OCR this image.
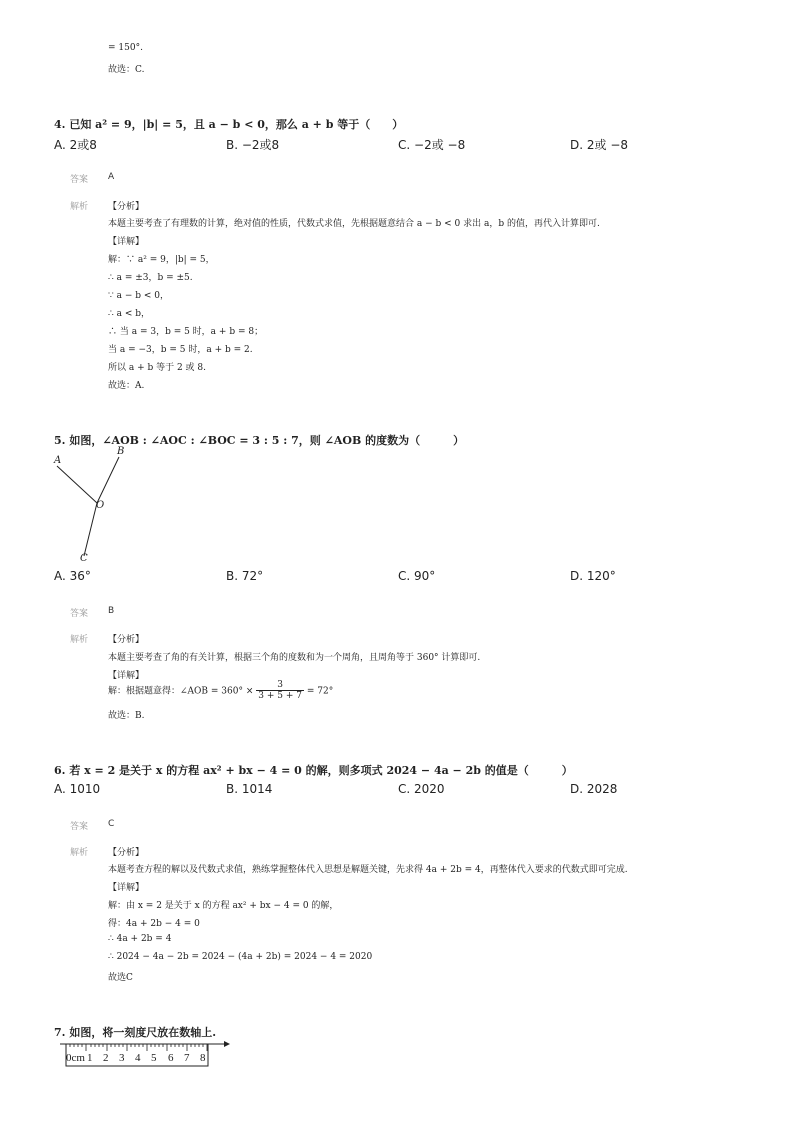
= 150°.
故选：C.
4. 已知 a² = 9，|b| = 5，且 a − b < 0，那么 a + b 等于（　　）
A. 2或8	B. −2或8	C. −2或 −8	D. 2或 −8
答案 A
解析 【分析】
本题主要考查了有理数的计算，绝对值的性质，代数式求值，先根据题意结合 a − b < 0 求出 a，b 的值，再代入计算即可.
【详解】
解：∵ a² = 9，|b| = 5，
∴ a = ±3，b = ±5.
∵ a − b < 0，
∴ a < b，
∴ 当 a = 3，b = 5 时，a + b = 8；
当 a = −3，b = 5 时，a + b = 2.
所以 a + b 等于 2 或 8.
故选：A.
5. 如图，∠AOB : ∠AOC : ∠BOC = 3 : 5 : 7，则 ∠AOB 的度数为（　　　）
A
B
O
C
A. 36°	B. 72°	C. 90°	D. 120°
答案 B
解析 【分析】
本题主要考查了角的有关计算，根据三个角的度数和为一个周角，且周角等于 360° 计算即可.
【详解】
解：根据题意得：∠AOB = $360^\circ \times \frac{3}{3 + 5 + 7} = 72^\circ$
故选：B.
6. 若 x = 2 是关于 x 的方程 ax² + bx − 4 = 0 的解，则多项式 2024 − 4a − 2b 的值是（　　　）
A. 1010	B. 1014	C. 2020	D. 2028
答案 C
解析 【分析】
本题考查方程的解以及代数式求值，熟练掌握整体代入思想是解题关键，先求得 4a + 2b = 4，再整体代入要求的代数式即可完成.
【详解】
解：由 x = 2 是关于 x 的方程 ax² + bx − 4 = 0 的解，
得：4a + 2b − 4 = 0
∴ 4a + 2b = 4
∴ 2024 − 4a − 2b = 2024 − (4a + 2b) = 2024 − 4 = 2020
故选C
7. 如图，将一刻度尺放在数轴上.
0cm 1 2 3 4 5 6 7 8
